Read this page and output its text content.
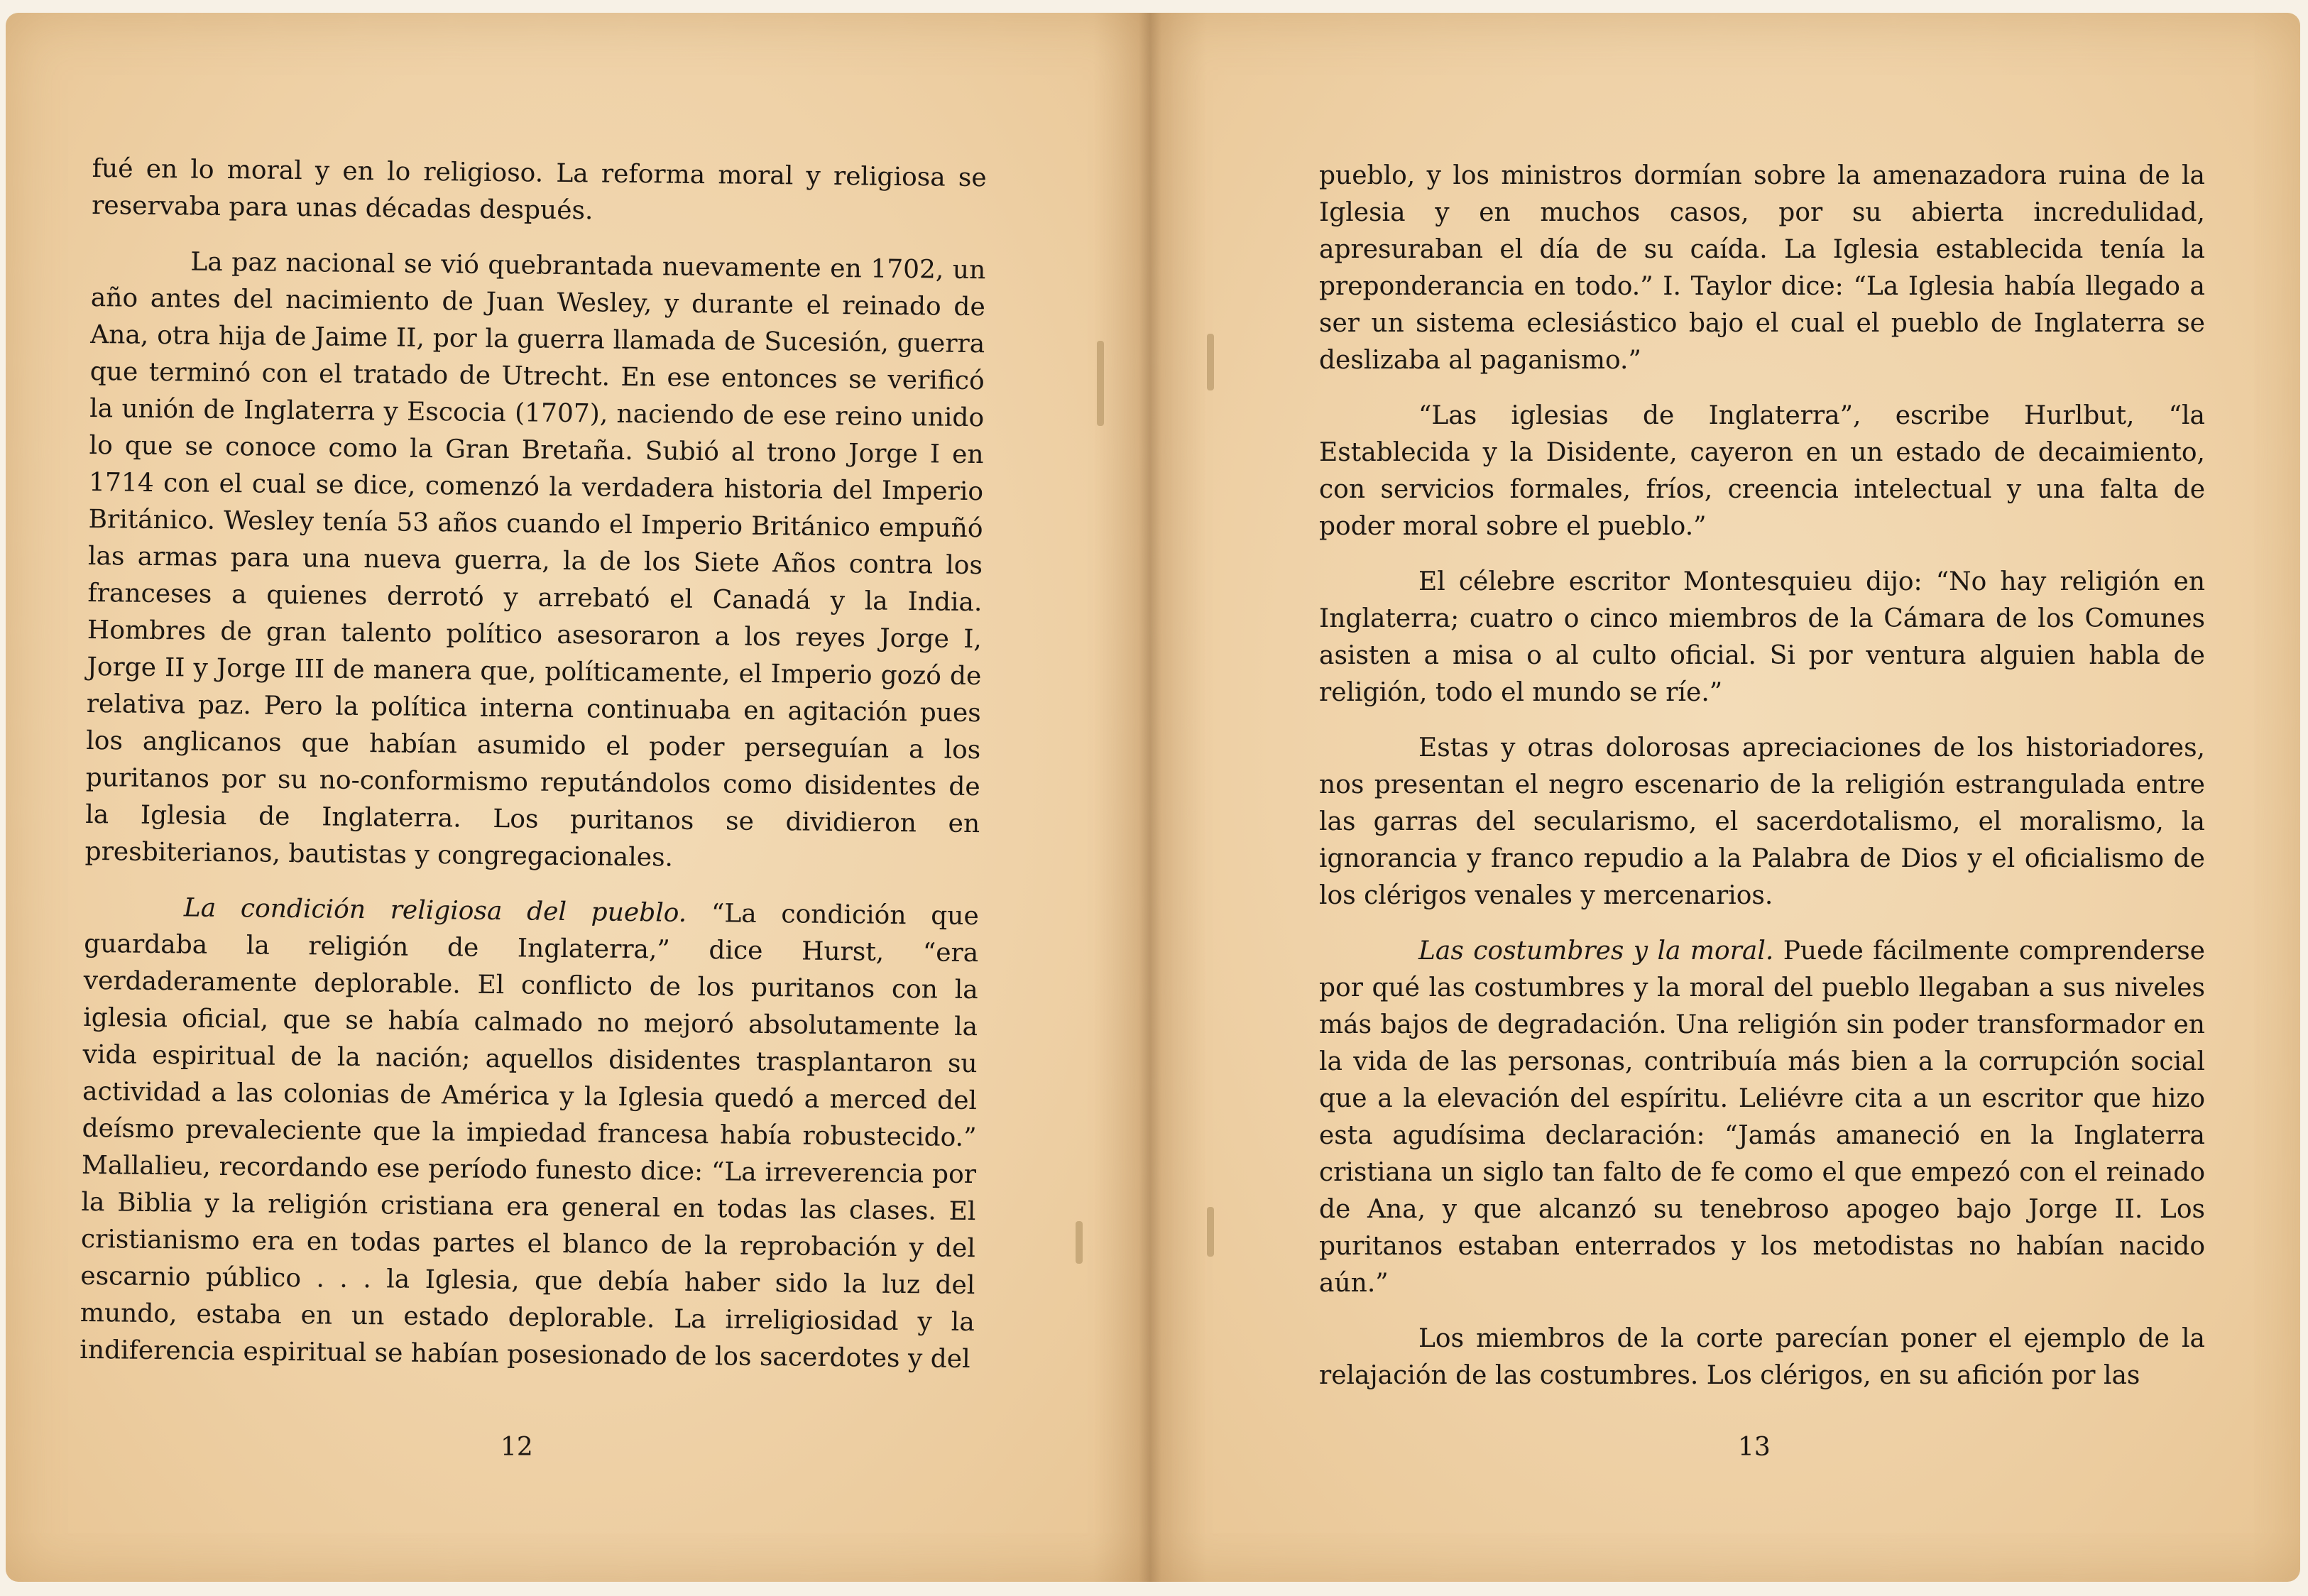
fué en lo moral y en lo religioso. La reforma moral y religiosa se reservaba para unas décadas después.

La paz nacional se vió quebrantada nuevamente en 1702, un año antes del nacimiento de Juan Wesley, y durante el reinado de Ana, otra hija de Jaime II, por la guerra llamada de Sucesión, guerra que terminó con el tratado de Utrecht. En ese entonces se verificó la unión de Inglaterra y Escocia (1707), naciendo de ese reino unido lo que se conoce como la Gran Bretaña. Subió al trono Jorge I en 1714 con el cual se dice, comenzó la verdadera historia del Imperio Británico. Wesley tenía 53 años cuando el Imperio Británico empuñó las armas para una nueva guerra, la de los Siete Años contra los franceses a quienes derrotó y arrebató el Canadá y la India. Hombres de gran talento político asesoraron a los reyes Jorge I, Jorge II y Jorge III de manera que, políticamente, el Imperio gozó de relativa paz. Pero la política interna continuaba en agitación pues los anglicanos que habían asumido el poder perseguían a los puritanos por su no-conformismo reputándolos como disidentes de la Iglesia de Inglaterra. Los puritanos se dividieron en presbiterianos, bautistas y congregacionales.

La condición religiosa del pueblo. “La condición que guardaba la religión de Inglaterra,” dice Hurst, “era verdaderamente deplorable. El conflicto de los puritanos con la iglesia oficial, que se había calmado no mejoró absolutamente la vida espiritual de la nación; aquellos disidentes trasplantaron su actividad a las colonias de América y la Iglesia quedó a merced del deísmo prevaleciente que la impiedad francesa había robustecido.” Mallalieu, recordando ese período funesto dice: “La irreverencia por la Biblia y la religión cristiana era general en todas las clases. El cristianismo era en todas partes el blanco de la reprobación y del escarnio público . . . la Iglesia, que debía haber sido la luz del mundo, estaba en un estado deplorable. La irreligiosidad y la indiferencia espiritual se habían posesionado de los sacerdotes y del

12

pueblo, y los ministros dormían sobre la amenazadora ruina de la Iglesia y en muchos casos, por su abierta incredulidad, apresuraban el día de su caída. La Iglesia establecida tenía la preponderancia en todo.” I. Taylor dice: “La Iglesia había llegado a ser un sistema eclesiástico bajo el cual el pueblo de Inglaterra se deslizaba al paganismo.”

“Las iglesias de Inglaterra”, escribe Hurlbut, “la Establecida y la Disidente, cayeron en un estado de decaimiento, con servicios formales, fríos, creencia intelectual y una falta de poder moral sobre el pueblo.”

El célebre escritor Montesquieu dijo: “No hay religión en Inglaterra; cuatro o cinco miembros de la Cámara de los Comunes asisten a misa o al culto oficial. Si por ventura alguien habla de religión, todo el mundo se ríe.”

Estas y otras dolorosas apreciaciones de los historiadores, nos presentan el negro escenario de la religión estrangulada entre las garras del secularismo, el sacerdotalismo, el moralismo, la ignorancia y franco repudio a la Palabra de Dios y el oficialismo de los clérigos venales y mercenarios.

Las costumbres y la moral. Puede fácilmente comprenderse por qué las costumbres y la moral del pueblo llegaban a sus niveles más bajos de degradación. Una religión sin poder transformador en la vida de las personas, contribuía más bien a la corrupción social que a la elevación del espíritu. Leliévre cita a un escritor que hizo esta agudísima declaración: “Jamás amaneció en la Inglaterra cristiana un siglo tan falto de fe como el que empezó con el reinado de Ana, y que alcanzó su tenebroso apogeo bajo Jorge II. Los puritanos estaban enterrados y los metodistas no habían nacido aún.”

Los miembros de la corte parecían poner el ejemplo de la relajación de las costumbres. Los clérigos, en su afición por las

13
